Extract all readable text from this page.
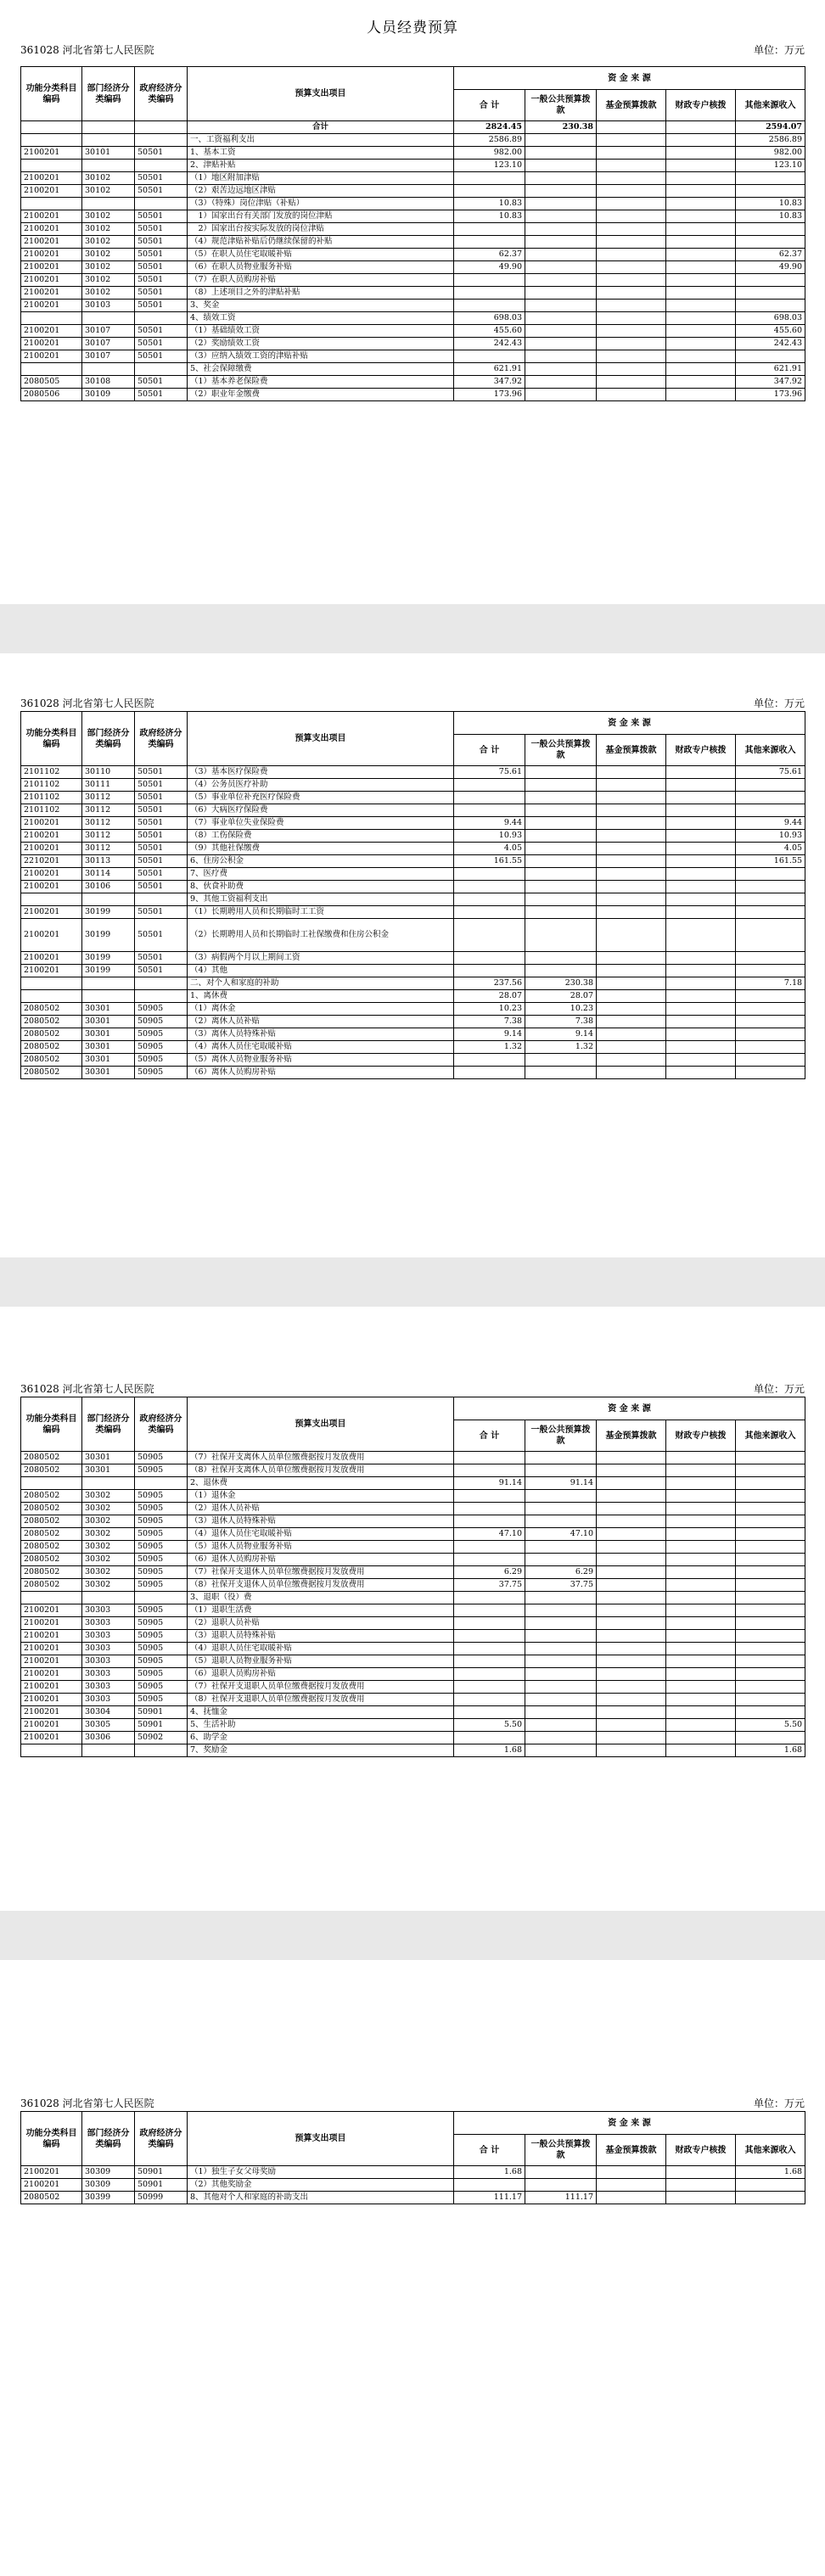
人员经费预算
361028 河北省第七人民医院	单位：万元
功能分类科目编码	部门经济分类编码	政府经济分类编码	预算支出项目	资 金 来 源				
				合 计	一般公共预算拨款	基金预算拨款	财政专户核拨	其他来源收入
			合计	2824.45	230.38			2594.07
			一、工资福利支出	2586.89				2586.89
2100201	30101	50501	1、基本工资	982.00				982.00
			2、津贴补贴	123.10				123.10
2100201	30102	50501	（1）地区附加津贴					
2100201	30102	50501	（2）艰苦边远地区津贴					
			（3）（特殊）岗位津贴（补贴）	10.83				10.83
2100201	30102	50501	　1）国家出台有关部门发放的岗位津贴	10.83				10.83
2100201	30102	50501	　2）国家出台按实际发放的岗位津贴					
2100201	30102	50501	（4）规范津贴补贴后仍继续保留的补贴					
2100201	30102	50501	（5）在职人员住宅取暖补贴	62.37				62.37
2100201	30102	50501	（6）在职人员物业服务补贴	49.90				49.90
2100201	30102	50501	（7）在职人员购房补贴					
2100201	30102	50501	（8）上述项目之外的津贴补贴					
2100201	30103	50501	3、奖金					
			4、绩效工资	698.03				698.03
2100201	30107	50501	（1）基础绩效工资	455.60				455.60
2100201	30107	50501	（2）奖励绩效工资	242.43				242.43
2100201	30107	50501	（3）应纳入绩效工资的津贴补贴					
			5、社会保障缴费	621.91				621.91
2080505	30108	50501	（1）基本养老保险费	347.92				347.92
2080506	30109	50501	（2）职业年金缴费	173.96				173.96
361028 河北省第七人民医院	单位：万元
功能分类科目编码	部门经济分类编码	政府经济分类编码	预算支出项目	资 金 来 源				
				合 计	一般公共预算拨款	基金预算拨款	财政专户核拨	其他来源收入
2101102	30110	50501	（3）基本医疗保险费	75.61				75.61
2101102	30111	50501	（4）公务员医疗补助					
2101102	30112	50501	（5）事业单位补充医疗保险费					
2101102	30112	50501	（6）大病医疗保险费					
2100201	30112	50501	（7）事业单位失业保险费	9.44				9.44
2100201	30112	50501	（8）工伤保险费	10.93				10.93
2100201	30112	50501	（9）其他社保缴费	4.05				4.05
2210201	30113	50501	6、住房公积金	161.55				161.55
2100201	30114	50501	7、医疗费					
2100201	30106	50501	8、伙食补助费					
			9、其他工资福利支出					
2100201	30199	50501	（1）长期聘用人员和长期临时工工资					
2100201	30199	50501	（2）长期聘用人员和长期临时工社保缴费和住房公积金					
2100201	30199	50501	（3）病假两个月以上期间工资					
2100201	30199	50501	（4）其他					
			二、对个人和家庭的补助	237.56	230.38			7.18
			1、离休费	28.07	28.07			
2080502	30301	50905	（1）离休金	10.23	10.23			
2080502	30301	50905	（2）离休人员补贴	7.38	7.38			
2080502	30301	50905	（3）离休人员特殊补贴	9.14	9.14			
2080502	30301	50905	（4）离休人员住宅取暖补贴	1.32	1.32			
2080502	30301	50905	（5）离休人员物业服务补贴					
2080502	30301	50905	（6）离休人员购房补贴					
361028 河北省第七人民医院	单位：万元
功能分类科目编码	部门经济分类编码	政府经济分类编码	预算支出项目	资 金 来 源				
				合 计	一般公共预算拨款	基金预算拨款	财政专户核拨	其他来源收入
2080502	30301	50905	（7）社保开支离休人员单位缴费据按月发放费用					
2080502	30301	50905	（8）社保开支离休人员单位缴费据按月发放费用					
			2、退休费	91.14	91.14			
2080502	30302	50905	（1）退休金					
2080502	30302	50905	（2）退休人员补贴					
2080502	30302	50905	（3）退休人员特殊补贴					
2080502	30302	50905	（4）退休人员住宅取暖补贴	47.10	47.10			
2080502	30302	50905	（5）退休人员物业服务补贴					
2080502	30302	50905	（6）退休人员购房补贴					
2080502	30302	50905	（7）社保开支退休人员单位缴费据按月发放费用	6.29	6.29			
2080502	30302	50905	（8）社保开支退休人员单位缴费据按月发放费用	37.75	37.75			
			3、退职（役）费					
2100201	30303	50905	（1）退职生活费					
2100201	30303	50905	（2）退职人员补贴					
2100201	30303	50905	（3）退职人员特殊补贴					
2100201	30303	50905	（4）退职人员住宅取暖补贴					
2100201	30303	50905	（5）退职人员物业服务补贴					
2100201	30303	50905	（6）退职人员购房补贴					
2100201	30303	50905	（7）社保开支退职人员单位缴费据按月发放费用					
2100201	30303	50905	（8）社保开支退职人员单位缴费据按月发放费用					
2100201	30304	50901	4、抚恤金					
2100201	30305	50901	5、生活补助	5.50				5.50
2100201	30306	50902	6、助学金					
			7、奖励金	1.68				1.68
361028 河北省第七人民医院	单位：万元
功能分类科目编码	部门经济分类编码	政府经济分类编码	预算支出项目	资 金 来 源				
				合 计	一般公共预算拨款	基金预算拨款	财政专户核拨	其他来源收入
2100201	30309	50901	（1）独生子女父母奖励	1.68				1.68
2100201	30309	50901	（2）其他奖励金					
2080502	30399	50999	8、其他对个人和家庭的补助支出	111.17	111.17			
